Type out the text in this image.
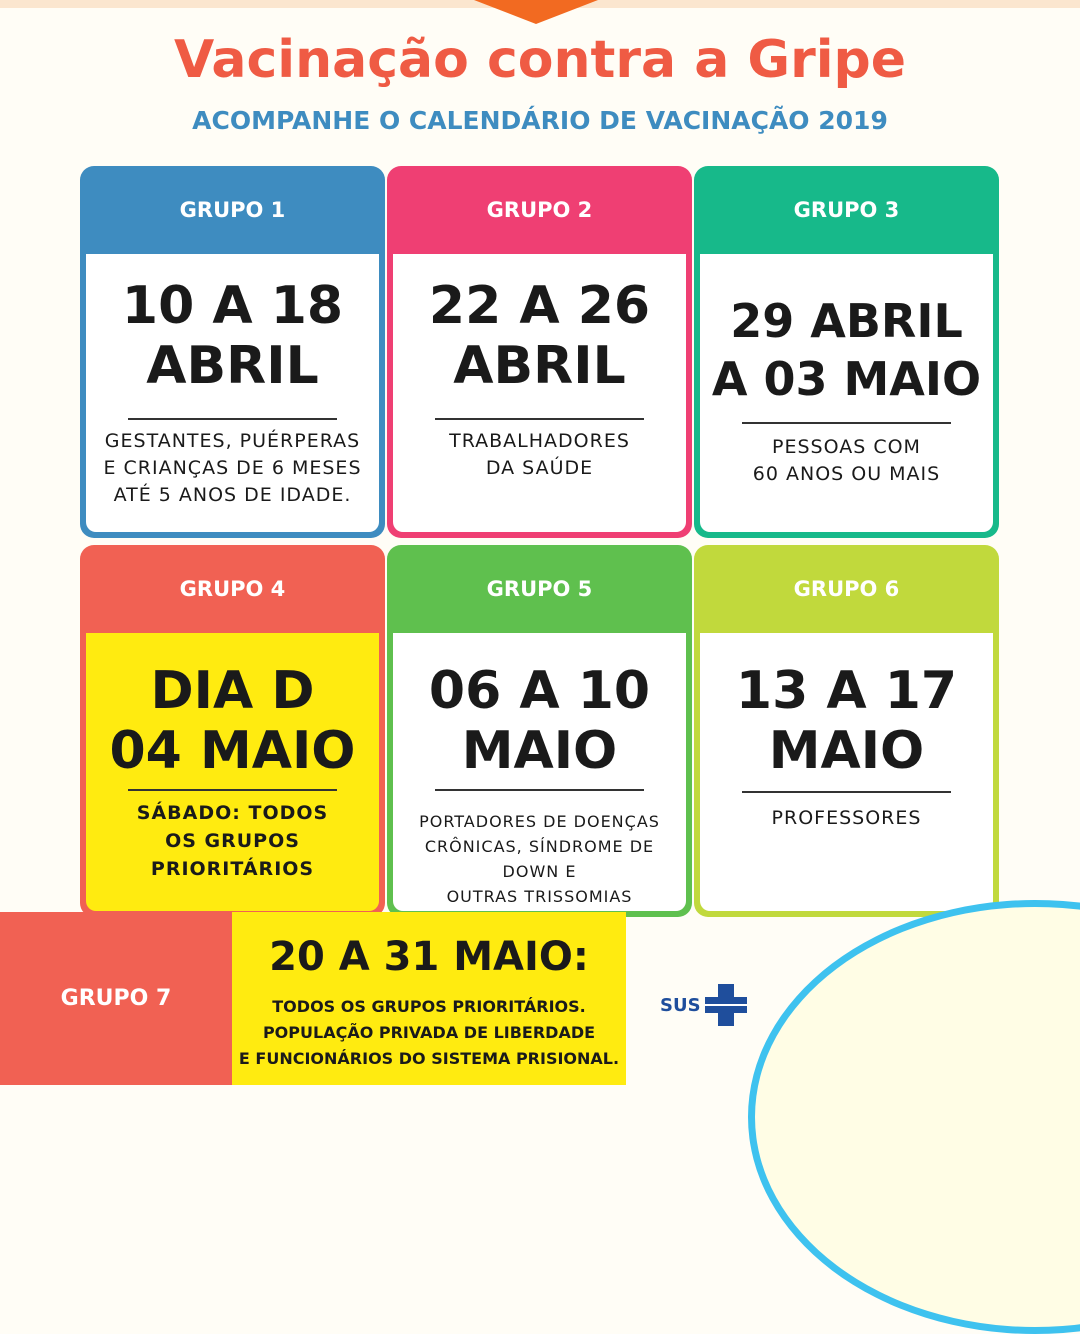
Vacinação contra a Gripe
ACOMPANHE O CALENDÁRIO DE VACINAÇÃO 2019
GRUPO 1
10 A 18
ABRIL
GESTANTES, PUÉRPERAS
E CRIANÇAS DE 6 MESES
ATÉ 5 ANOS DE IDADE.
GRUPO 2
22 A 26
ABRIL
TRABALHADORES
DA SAÚDE
GRUPO 3
29 ABRIL
A 03 MAIO
PESSOAS COM
60 ANOS OU MAIS
GRUPO 4
DIA D
04 MAIO
SÁBADO: TODOS
OS GRUPOS
PRIORITÁRIOS
GRUPO 5
06 A 10
MAIO
PORTADORES DE DOENÇAS
CRÔNICAS, SÍNDROME DE
DOWN E
OUTRAS TRISSOMIAS
GRUPO 6
13 A 17
MAIO
PROFESSORES
GRUPO 7
20 A 31 MAIO:
TODOS OS GRUPOS PRIORITÁRIOS.
POPULAÇÃO PRIVADA DE LIBERDADE
E FUNCIONÁRIOS DO SISTEMA PRISIONAL.
SUS
